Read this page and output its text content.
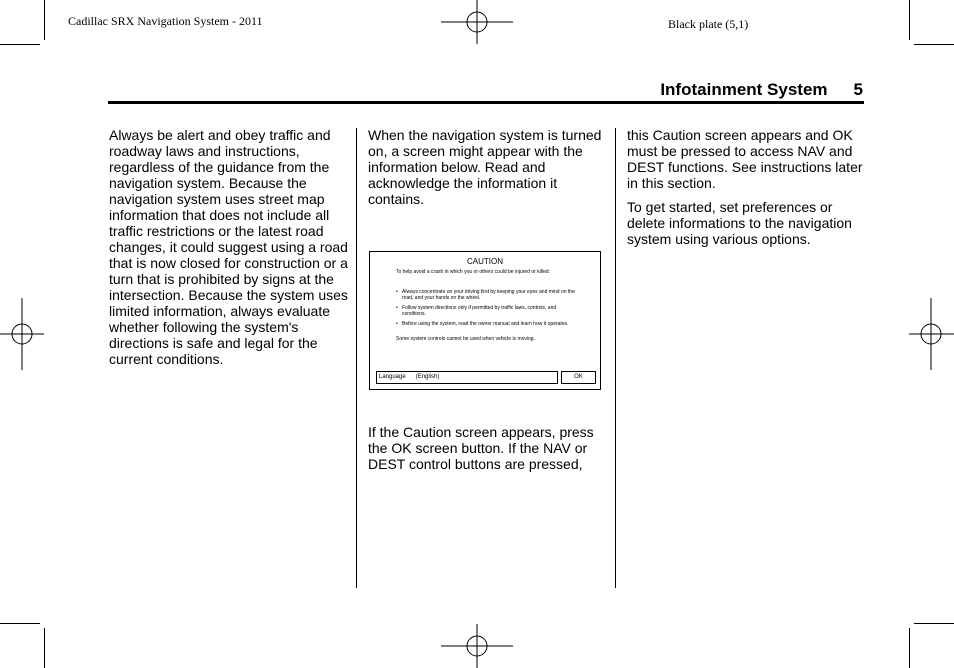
Cadillac SRX Navigation System - 2011	Black plate (5,1)
Infotainment System 5

Always be alert and obey traffic and roadway laws and instructions, regardless of the guidance from the navigation system. Because the navigation system uses street map information that does not include all traffic restrictions or the latest road changes, it could suggest using a road that is now closed for construction or a turn that is prohibited by signs at the intersection. Because the system uses limited information, always evaluate whether following the system's directions is safe and legal for the current conditions.

When the navigation system is turned on, a screen might appear with the information below. Read and acknowledge the information it contains.

CAUTION
To help avoid a crash in which you or others could be injured or killed:
• Always concentrate on your driving first by keeping your eyes and mind on the road, and your hands on the wheel.
• Follow system directions only if permitted by traffic laws, controls, and conditions.
• Before using the system, read the owner manual and learn how it operates.
Some system controls cannot be used when vehicle is moving.
Language (English)	OK

If the Caution screen appears, press the OK screen button. If the NAV or DEST control buttons are pressed,

this Caution screen appears and OK must be pressed to access NAV and DEST functions. See instructions later in this section.

To get started, set preferences or delete informations to the navigation system using various options.
